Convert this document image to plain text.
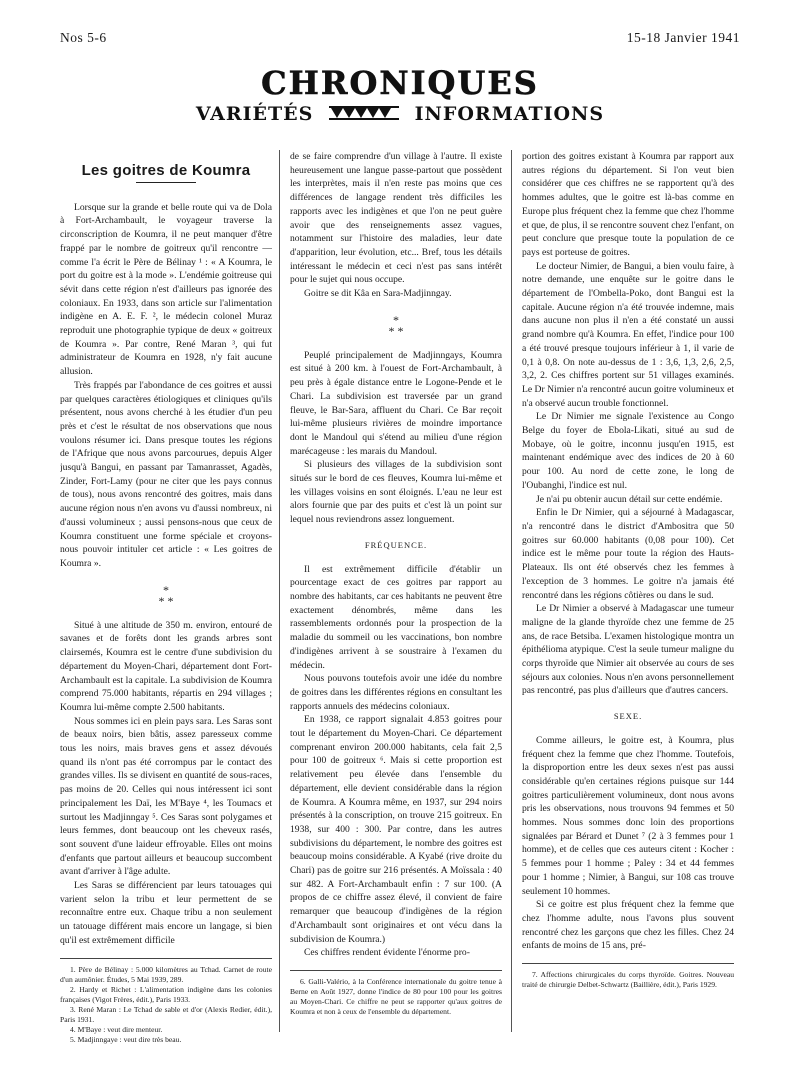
Nos 5-6	15-18 Janvier 1941
CHRONIQUES
VARIÉTÉS	INFORMATIONS
Les goitres de Koumra

Lorsque sur la grande et belle route qui va de Dola à Fort-Archambault, le voyageur traverse la circonscription de Koumra, il ne peut manquer d'être frappé par le nombre de goitreux qu'il rencontre — comme l'a écrit le Père de Bélinay ¹ : « A Koumra, le port du goitre est à la mode ». L'endémie goitreuse qui sévit dans cette région n'est d'ailleurs pas ignorée des coloniaux. En 1933, dans son article sur l'alimentation indigène en A. E. F. ², le médecin colonel Muraz reproduit une photographie typique de deux « goitreux de Koumra ». Par contre, René Maran ³, qui fut administrateur de Koumra en 1928, n'y fait aucune allusion.

Très frappés par l'abondance de ces goitres et aussi par quelques caractères étiologiques et cliniques qu'ils présentent, nous avons cherché à les étudier d'un peu près et c'est le résultat de nos observations que nous voulons résumer ici. Dans presque toutes les régions de l'Afrique que nous avons parcourues, depuis Alger jusqu'à Bangui, en passant par Tamanrasset, Agadès, Zinder, Fort-Lamy (pour ne citer que les pays connus de tous), nous avons rencontré des goitres, mais dans aucune région nous n'en avons vu d'aussi nombreux, ni d'aussi volumineux ; aussi pensons-nous que ceux de Koumra constituent une forme spéciale et croyons-nous pouvoir intituler cet article : « Les goitres de Koumra ».

*
* *

Situé à une altitude de 350 m. environ, entouré de savanes et de forêts dont les grands arbres sont clairsemés, Koumra est le centre d'une subdivision du département du Moyen-Chari, département dont Fort-Archambault est la capitale. La subdivision de Koumra comprend 75.000 habitants, répartis en 294 villages ; Koumra lui-même compte 2.500 habitants.

Nous sommes ici en plein pays sara. Les Saras sont de beaux noirs, bien bâtis, assez paresseux comme tous les noirs, mais braves gens et assez dévoués quand ils n'ont pas été corrompus par le contact des grandes villes. Ils se divisent en quantité de sous-races, pas moins de 20. Celles qui nous intéressent ici sont principalement les Daï, les M'Baye ⁴, les Toumacs et surtout les Madjinngay ⁵. Ces Saras sont polygames et leurs femmes, dont beaucoup ont les cheveux rasés, sont souvent d'une laideur effroyable. Elles ont moins d'enfants que partout ailleurs et beaucoup succombent avant d'arriver à l'âge adulte.

Les Saras se différencient par leurs tatouages qui varient selon la tribu et leur permettent de se reconnaître entre eux. Chaque tribu a non seulement un tatouage différent mais encore un langage, si bien qu'il est extrêmement difficile

1. Père de Bélinay : 5.000 kilomètres au Tchad. Carnet de route d'un aumônier. Études, 5 Mai 1939, 289.
2. Hardy et Richet : L'alimentation indigène dans les colonies françaises (Vigot Frères, édit.), Paris 1933.
3. René Maran : Le Tchad de sable et d'or (Alexis Redier, édit.), Paris 1931.
4. M'Baye : veut dire menteur.
5. Madjinngaye : veut dire très beau.

de se faire comprendre d'un village à l'autre. Il existe heureusement une langue passe-partout que possèdent les interprètes, mais il n'en reste pas moins que ces différences de langage rendent très difficiles les rapports avec les indigènes et que l'on ne peut guère avoir que des renseignements assez vagues, notamment sur l'histoire des maladies, leur date d'apparition, leur évolution, etc... Bref, tous les détails intéressant le médecin et ceci n'est pas sans intérêt pour le sujet qui nous occupe.

Goitre se dit Kâa en Sara-Madjinngay.

*
* *

Peuplé principalement de Madjinngays, Koumra est situé à 200 km. à l'ouest de Fort-Archambault, à peu près à égale distance entre le Logone-Pende et le Chari. La subdivision est traversée par un grand fleuve, le Bar-Sara, affluent du Chari. Ce Bar reçoit lui-même plusieurs rivières de moindre importance dont le Mandoul qui s'étend au milieu d'une région marécageuse : les marais du Mandoul.

Si plusieurs des villages de la subdivision sont situés sur le bord de ces fleuves, Koumra lui-même et les villages voisins en sont éloignés. L'eau ne leur est alors fournie que par des puits et c'est là un point sur lequel nous reviendrons assez longuement.

FRÉQUENCE.

Il est extrêmement difficile d'établir un pourcentage exact de ces goitres par rapport au nombre des habitants, car ces habitants ne peuvent être exactement dénombrés, même dans les rassemblements ordonnés pour la prospection de la maladie du sommeil ou les vaccinations, bon nombre d'indigènes arrivent à se soustraire à l'examen du médecin.

Nous pouvons toutefois avoir une idée du nombre de goitres dans les différentes régions en consultant les rapports annuels des médecins coloniaux.

En 1938, ce rapport signalait 4.853 goitres pour tout le département du Moyen-Chari. Ce département comprenant environ 200.000 habitants, cela fait 2,5 pour 100 de goitreux ⁶. Mais si cette proportion est relativement peu élevée dans l'ensemble du département, elle devient considérable dans la région de Koumra. A Koumra même, en 1937, sur 294 noirs présentés à la conscription, on trouve 215 goitreux. En 1938, sur 400 : 300. Par contre, dans les autres subdivisions du département, le nombre des goitres est beaucoup moins considérable. A Kyabé (rive droite du Chari) pas de goitre sur 216 présentés. A Moïssala : 40 sur 482. A Fort-Archambault enfin : 7 sur 100. (A propos de ce chiffre assez élevé, il convient de faire remarquer que beaucoup d'indigènes de la région d'Archambault sont originaires et ont vécu dans la subdivision de Koumra.)

Ces chiffres rendent évidente l'énorme pro-

6. Galli-Valério, à la Conférence internationale du goitre tenue à Berne en Août 1927, donne l'indice de 80 pour 100 pour les goitres au Moyen-Chari. Ce chiffre ne peut se rapporter qu'aux goitres de Koumra et non à ceux de l'ensemble du département.

portion des goitres existant à Koumra par rapport aux autres régions du département. Si l'on veut bien considérer que ces chiffres ne se rapportent qu'à des hommes adultes, que le goitre est là-bas comme en Europe plus fréquent chez la femme que chez l'homme et que, de plus, il se rencontre souvent chez l'enfant, on peut conclure que presque toute la population de ce pays est porteuse de goitres.

Le docteur Nimier, de Bangui, a bien voulu faire, à notre demande, une enquête sur le goitre dans le département de l'Ombella-Poko, dont Bangui est la capitale. Aucune région n'a été trouvée indemne, mais dans aucune non plus il n'en a été constaté un aussi grand nombre qu'à Koumra. En effet, l'indice pour 100 a été trouvé presque toujours inférieur à 1, il varie de 0,1 à 0,8. On note au-dessus de 1 : 3,6, 1,3, 2,6, 2,5, 3,2, 2. Ces chiffres portent sur 51 villages examinés. Le Dr Nimier n'a rencontré aucun goitre volumineux et n'a observé aucun trouble fonctionnel.

Le Dr Nimier me signale l'existence au Congo Belge du foyer de Ebola-Likati, situé au sud de Mobaye, où le goitre, inconnu jusqu'en 1915, est maintenant endémique avec des indices de 20 à 60 pour 100. Au nord de cette zone, le long de l'Oubanghi, l'indice est nul.

Je n'ai pu obtenir aucun détail sur cette endémie.

Enfin le Dr Nimier, qui a séjourné à Madagascar, n'a rencontré dans le district d'Ambositra que 50 goitres sur 60.000 habitants (0,08 pour 100). Cet indice est le même pour toute la région des Hauts-Plateaux. Ils ont été observés chez les femmes à l'exception de 3 hommes. Le goitre n'a jamais été rencontré dans les régions côtières ou dans le sud.

Le Dr Nimier a observé à Madagascar une tumeur maligne de la glande thyroïde chez une femme de 25 ans, de race Betsiba. L'examen histologique montra un épithélioma atypique. C'est la seule tumeur maligne du corps thyroïde que Nimier ait observée au cours de ses séjours aux colonies. Nous n'en avons personnellement pas rencontré, pas plus d'ailleurs que d'autres cancers.

SEXE.

Comme ailleurs, le goitre est, à Koumra, plus fréquent chez la femme que chez l'homme. Toutefois, la disproportion entre les deux sexes n'est pas aussi considérable qu'en certaines régions puisque sur 144 goitres particulièrement volumineux, dont nous avons pris les observations, nous trouvons 94 femmes et 50 hommes. Nous sommes donc loin des proportions signalées par Bérard et Dunet ⁷ (2 à 3 femmes pour 1 homme), et de celles que ces auteurs citent : Kocher : 5 femmes pour 1 homme ; Paley : 34 et 44 femmes pour 1 homme ; Nimier, à Bangui, sur 108 cas trouve seulement 10 hommes.

Si ce goitre est plus fréquent chez la femme que chez l'homme adulte, nous l'avons plus souvent rencontré chez les garçons que chez les filles. Chez 24 enfants de moins de 15 ans, pré-

7. Affections chirurgicales du corps thyroïde. Goitres. Nouveau traité de chirurgie Delbet-Schwartz (Baillière, édit.), Paris 1929.
